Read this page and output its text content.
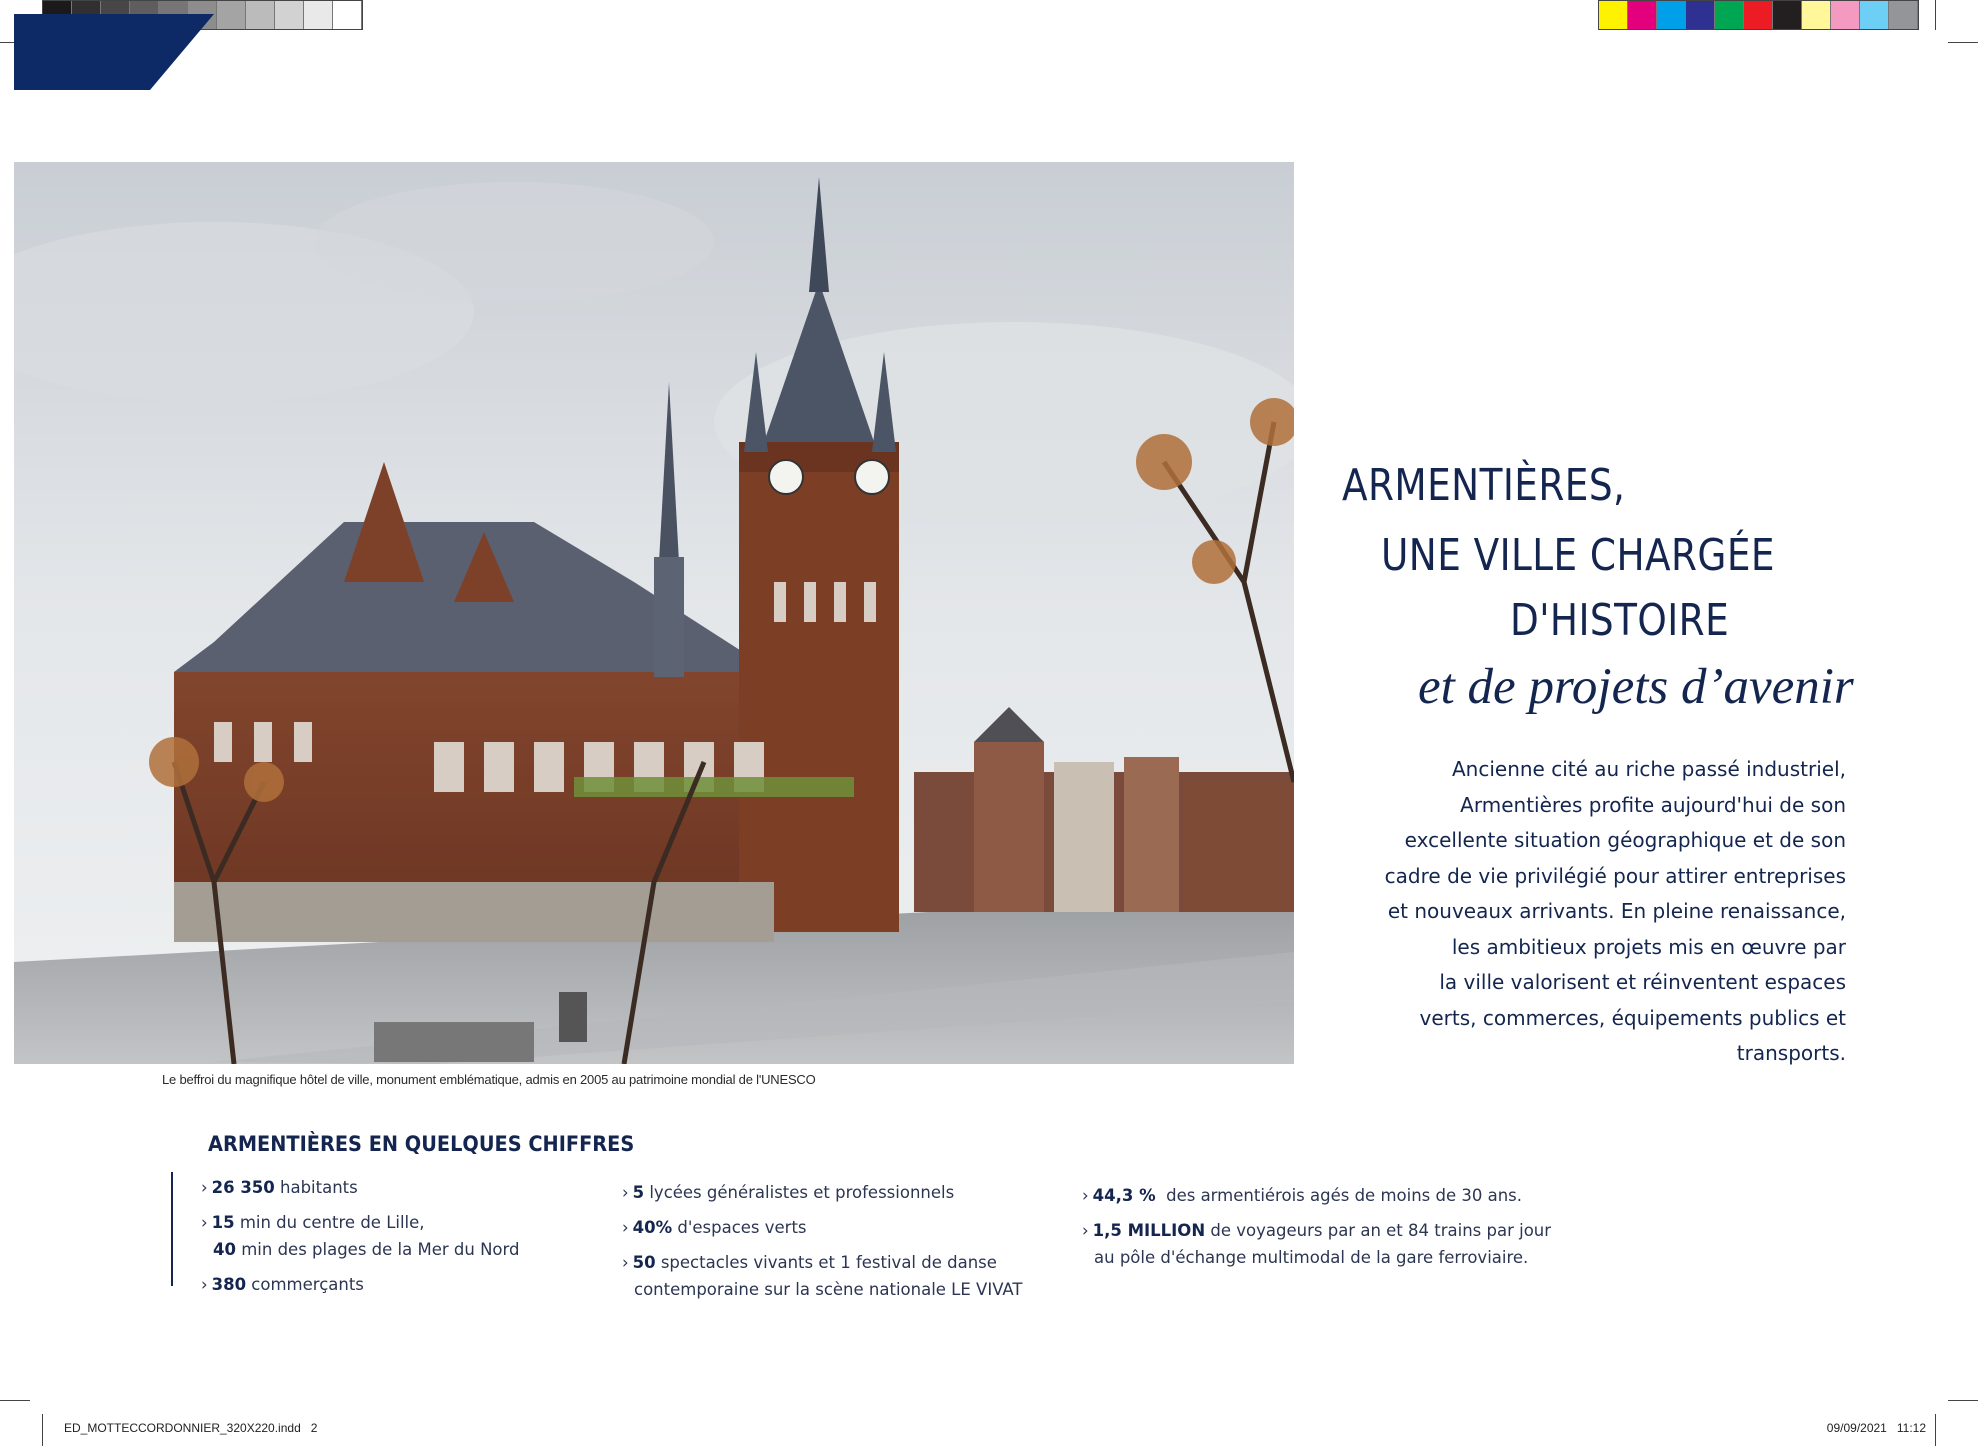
Le beffroi du magnifique hôtel de ville, monument emblématique, admis en 2005 au patrimoine mondial de l'UNESCO
ARMENTIÈRES,
UNE VILLE CHARGÉE
D'HISTOIRE
et de projets d’avenir
Ancienne cité au riche passé industriel,
Armentières profite aujourd'hui de son
excellente situation géographique et de son
cadre de vie privilégié pour attirer entreprises
et nouveaux arrivants. En pleine renaissance,
les ambitieux projets mis en œuvre par
la ville valorisent et réinventent espaces
verts, commerces, équipements publics et
transports.
ARMENTIÈRES EN QUELQUES CHIFFRES
› 26 350 habitants
› 15 min du centre de Lille,
40 min des plages de la Mer du Nord
› 380 commerçants
› 5 lycées généralistes et professionnels
› 40% d'espaces verts
› 50 spectacles vivants et 1 festival de danse
contemporaine sur la scène nationale LE VIVAT
› 44,3 %  des armentiérois agés de moins de 30 ans.
› 1,5 MILLION de voyageurs par an et 84 trains par jour
au pôle d'échange multimodal de la gare ferroviaire.
ED_MOTTECCORDONNIER_320X220.indd   2	09/09/2021   11:12
